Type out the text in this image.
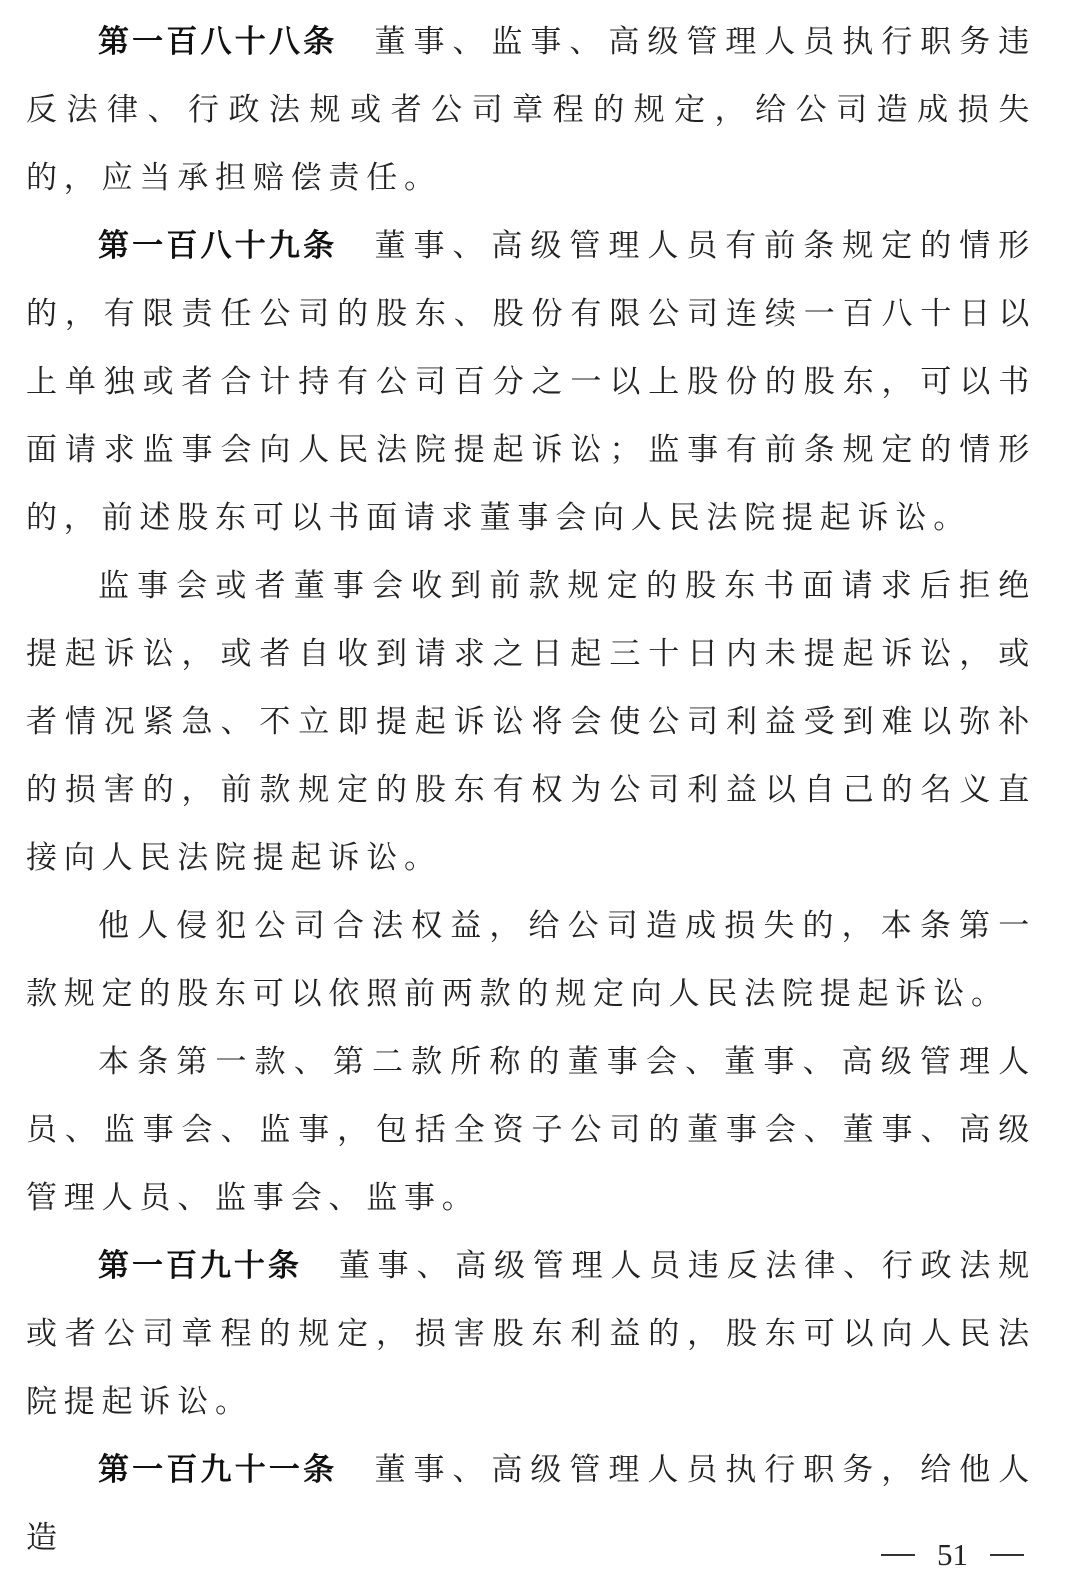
第一百八十八条 董事、监事、高级管理人员执行职务违反法律、行政法规或者公司章程的规定，给公司造成损失的，应当承担赔偿责任。

第一百八十九条 董事、高级管理人员有前条规定的情形的，有限责任公司的股东、股份有限公司连续一百八十日以上单独或者合计持有公司百分之一以上股份的股东，可以书面请求监事会向人民法院提起诉讼；监事有前条规定的情形的，前述股东可以书面请求董事会向人民法院提起诉讼。

监事会或者董事会收到前款规定的股东书面请求后拒绝提起诉讼，或者自收到请求之日起三十日内未提起诉讼，或者情况紧急、不立即提起诉讼将会使公司利益受到难以弥补的损害的，前款规定的股东有权为公司利益以自己的名义直接向人民法院提起诉讼。

他人侵犯公司合法权益，给公司造成损失的，本条第一款规定的股东可以依照前两款的规定向人民法院提起诉讼。

本条第一款、第二款所称的董事会、董事、高级管理人员、监事会、监事，包括全资子公司的董事会、董事、高级管理人员、监事会、监事。

第一百九十条 董事、高级管理人员违反法律、行政法规或者公司章程的规定，损害股东利益的，股东可以向人民法院提起诉讼。

第一百九十一条 董事、高级管理人员执行职务，给他人造	51
